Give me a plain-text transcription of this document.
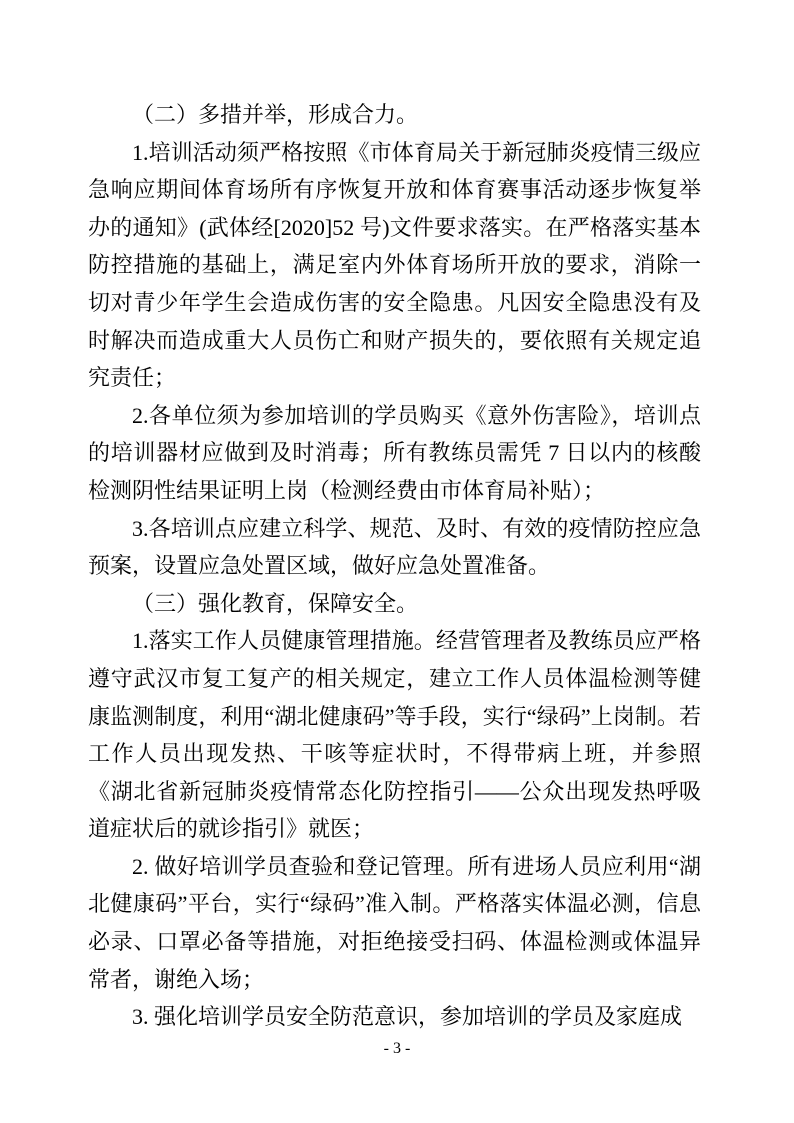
（二）多措并举，形成合力。

1.培训活动须严格按照《市体育局关于新冠肺炎疫情三级应急响应期间体育场所有序恢复开放和体育赛事活动逐步恢复举办的通知》(武体经[2020]52 号)文件要求落实。在严格落实基本防控措施的基础上，满足室内外体育场所开放的要求，消除一切对青少年学生会造成伤害的安全隐患。凡因安全隐患没有及时解决而造成重大人员伤亡和财产损失的，要依照有关规定追究责任；

2.各单位须为参加培训的学员购买《意外伤害险》，培训点的培训器材应做到及时消毒；所有教练员需凭 7 日以内的核酸检测阴性结果证明上岗（检测经费由市体育局补贴）；

3.各培训点应建立科学、规范、及时、有效的疫情防控应急预案，设置应急处置区域，做好应急处置准备。

（三）强化教育，保障安全。

1.落实工作人员健康管理措施。经营管理者及教练员应严格遵守武汉市复工复产的相关规定，建立工作人员体温检测等健康监测制度，利用“湖北健康码”等手段，实行“绿码”上岗制。若工作人员出现发热、干咳等症状时，不得带病上班，并参照《湖北省新冠肺炎疫情常态化防控指引——公众出现发热呼吸道症状后的就诊指引》就医；

2. 做好培训学员查验和登记管理。所有进场人员应利用“湖北健康码”平台，实行“绿码”准入制。严格落实体温必测，信息必录、口罩必备等措施，对拒绝接受扫码、体温检测或体温异常者，谢绝入场；

3. 强化培训学员安全防范意识，参加培训的学员及家庭成

- 3 -
